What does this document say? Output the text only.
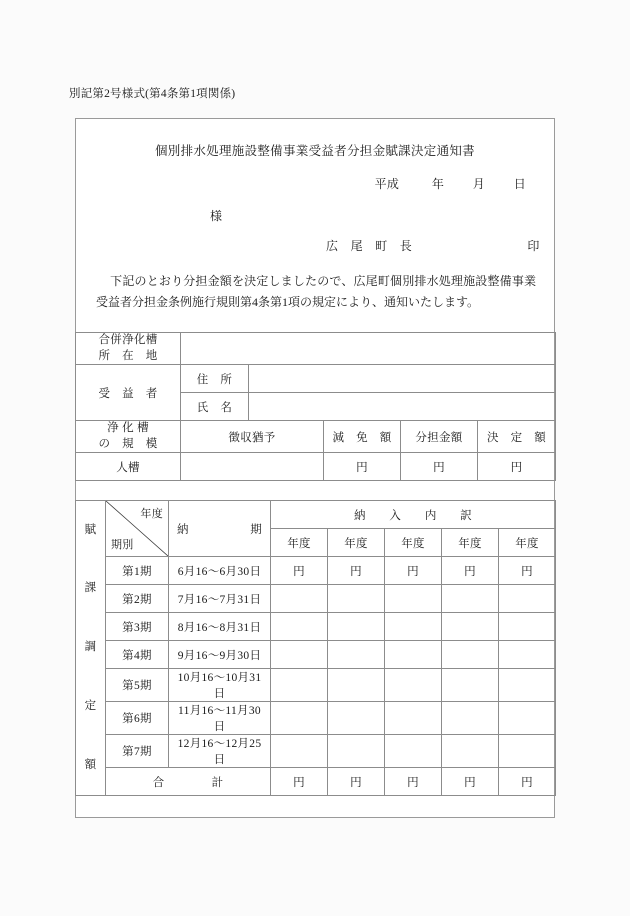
別記第2号様式(第4条第1項関係)
個別排水処理施設整備事業受益者分担金賦課決定通知書
平成	年 月 日
様
広　尾　町　長	印
下記のとおり分担金額を決定しましたので、広尾町個別排水処理施設整備事業受益者分担金条例施行規則第4条第1項の規定により、通知いたします。
合併浄化槽
所　在　地					
受　益　者	住　所				
	氏　名				
浄 化 槽
の　規　模	徴収猶予		減　免　額	分担金額	決　定　額
人槽			円	円	円
賦
課
調
定
額	年度
期別	納 期	納　　入　　内　　訳				
			年度	年度	年度	年度	年度
	第1期	6月16〜6月30日	円	円	円	円	円
	第2期	7月16〜7月31日					
	第3期	8月16〜8月31日					
	第4期	9月16〜9月30日					
	第5期	10月16〜10月31日					
	第6期	11月16〜11月30日					
	第7期	12月16〜12月25日					
	合　　　　計		円	円	円	円	円
